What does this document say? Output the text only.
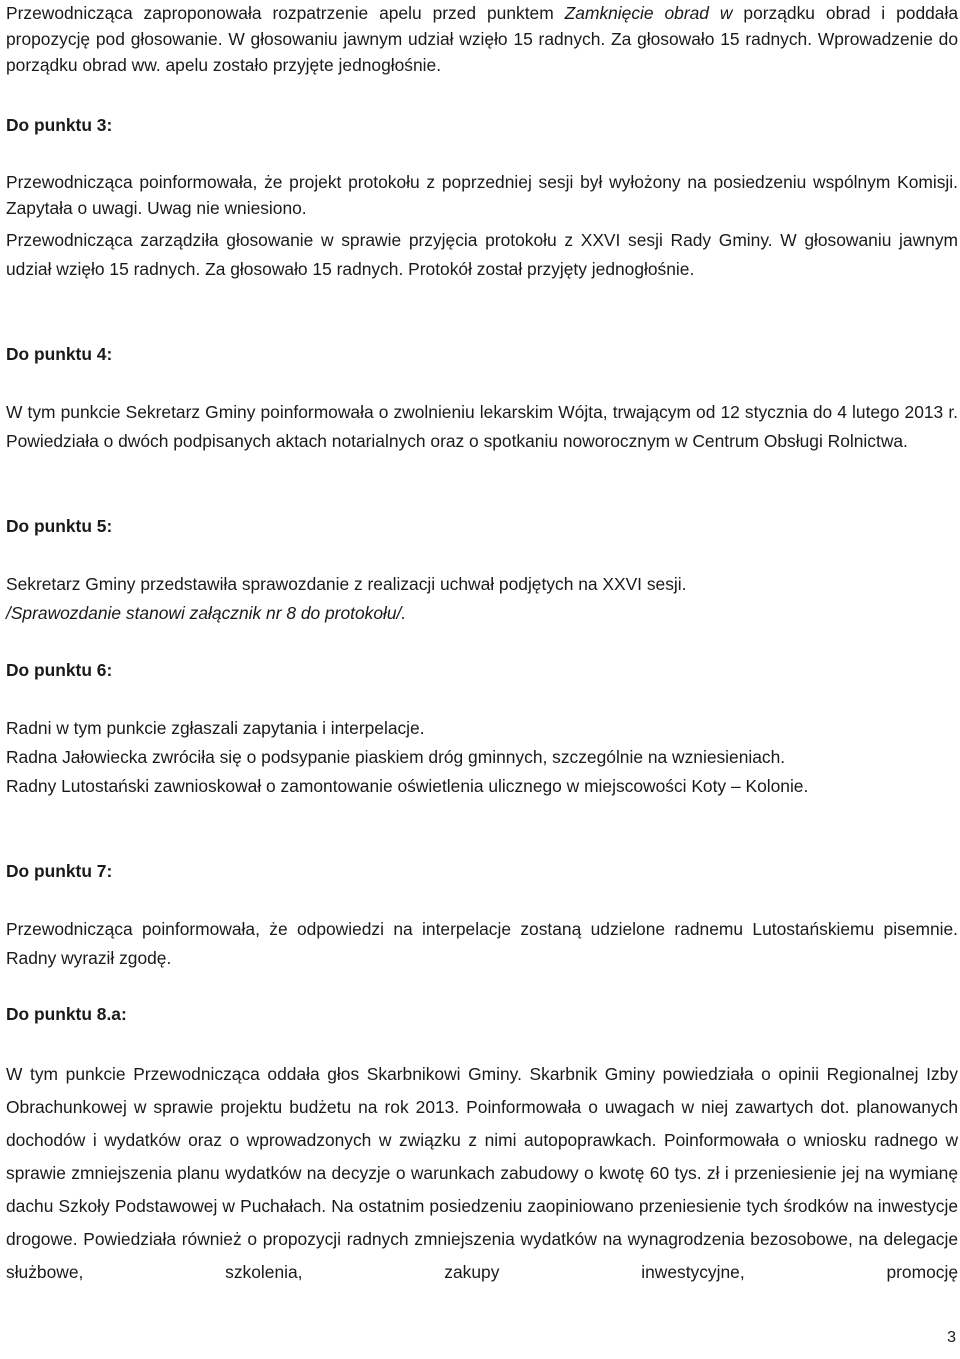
Przewodnicząca zaproponowała rozpatrzenie apelu przed punktem Zamknięcie obrad w porządku obrad i poddała propozycję pod głosowanie. W głosowaniu jawnym udział wzięło 15 radnych. Za głosowało 15 radnych. Wprowadzenie do porządku obrad ww. apelu zostało przyjęte jednogłośnie.
Do punktu 3:

Przewodnicząca poinformowała, że projekt protokołu z poprzedniej sesji był wyłożony na posiedzeniu wspólnym Komisji. Zapytała o uwagi. Uwag nie wniesiono.

Przewodnicząca zarządziła głosowanie w sprawie przyjęcia protokołu z XXVI sesji Rady Gminy. W głosowaniu jawnym udział wzięło 15 radnych. Za głosowało 15 radnych. Protokół został przyjęty jednogłośnie.

Do punktu 4:

W tym punkcie Sekretarz Gminy poinformowała o zwolnieniu lekarskim Wójta, trwającym od 12 stycznia do 4 lutego 2013 r. Powiedziała o dwóch podpisanych aktach notarialnych oraz o spotkaniu noworocznym w Centrum Obsługi Rolnictwa.

Do punktu 5:

Sekretarz Gminy przedstawiła sprawozdanie z realizacji uchwał podjętych na XXVI sesji.
/Sprawozdanie stanowi załącznik nr 8 do protokołu/.

Do punktu 6:

Radni w tym punkcie zgłaszali zapytania i interpelacje.

Radna Jałowiecka zwróciła się o podsypanie piaskiem dróg gminnych, szczególnie na wzniesieniach.

Radny Lutostański zawnioskował o zamontowanie oświetlenia ulicznego w miejscowości Koty – Kolonie.

Do punktu 7:

Przewodnicząca poinformowała, że odpowiedzi na interpelacje zostaną udzielone radnemu Lutostańskiemu pisemnie. Radny wyraził zgodę.

Do punktu 8.a:

W tym punkcie Przewodnicząca oddała głos Skarbnikowi Gminy. Skarbnik Gminy powiedziała o opinii Regionalnej Izby Obrachunkowej w sprawie projektu budżetu na rok 2013. Poinformowała o uwagach w niej zawartych dot. planowanych dochodów i wydatków oraz o wprowadzonych w związku z nimi autopoprawkach. Poinformowała o wniosku radnego w sprawie zmniejszenia planu wydatków na decyzje o warunkach zabudowy o kwotę 60 tys. zł i przeniesienie jej na wymianę dachu Szkoły Podstawowej w Puchałach. Na ostatnim posiedzeniu zaopiniowano przeniesienie tych środków na inwestycje drogowe. Powiedziała również o propozycji radnych zmniejszenia wydatków na wynagrodzenia bezosobowe, na delegacje służbowe, szkolenia, zakupy inwestycyjne, promocję

3
